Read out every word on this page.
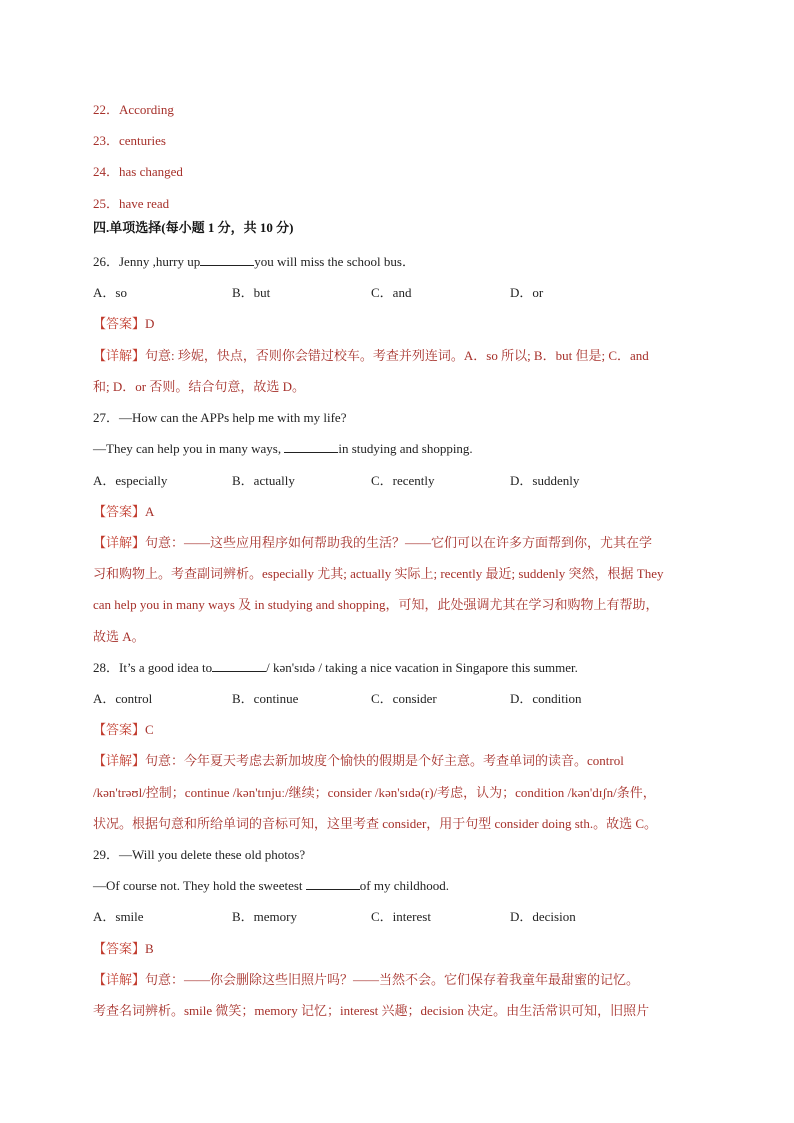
22．According
23．centuries
24．has changed
25．have read
四.单项选择(每小题 1 分，共 10 分)
26．Jenny ,hurry up	you will miss the school bus．
A．so	B．but	C．and	D．or
【答案】D
【详解】句意: 珍妮，快点，否则你会错过校车。考查并列连词。A．so 所以; B．but 但是; C．and
和; D．or 否则。结合句意，故选 D。
27．—How can the APPs help me with my life?
—They can help you in many ways,	in studying and shopping.
A．especially	B．actually	C．recently	D．suddenly
【答案】A
【详解】句意：——这些应用程序如何帮助我的生活？——它们可以在许多方面帮到你，尤其在学
习和购物上。考查副词辨析。especially 尤其; actually 实际上; recently 最近; suddenly 突然，根据 They
can help you in many ways 及 in studying and shopping，可知，此处强调尤其在学习和购物上有帮助，
故选 A。
28．It’s a good idea to	/ kən'sɪdə / taking a nice vacation in Singapore this summer.
A．control	B．continue	C．consider	D．condition
【答案】C
【详解】句意：今年夏天考虑去新加坡度个愉快的假期是个好主意。考查单词的读音。control
/kən'trəʊl/控制；continue /kən'tɪnjuː/继续；consider /kən'sɪdə(r)/考虑，认为；condition /kən'dɪʃn/条件，
状况。根据句意和所给单词的音标可知，这里考查 consider，用于句型 consider doing sth.。故选 C。
29．—Will you delete these old photos?
—Of course not. They hold the sweetest	of my childhood.
A．smile	B．memory	C．interest	D．decision
【答案】B
【详解】句意：——你会删除这些旧照片吗？——当然不会。它们保存着我童年最甜蜜的记忆。
考查名词辨析。smile 微笑；memory 记忆；interest 兴趣；decision 决定。由生活常识可知，旧照片
